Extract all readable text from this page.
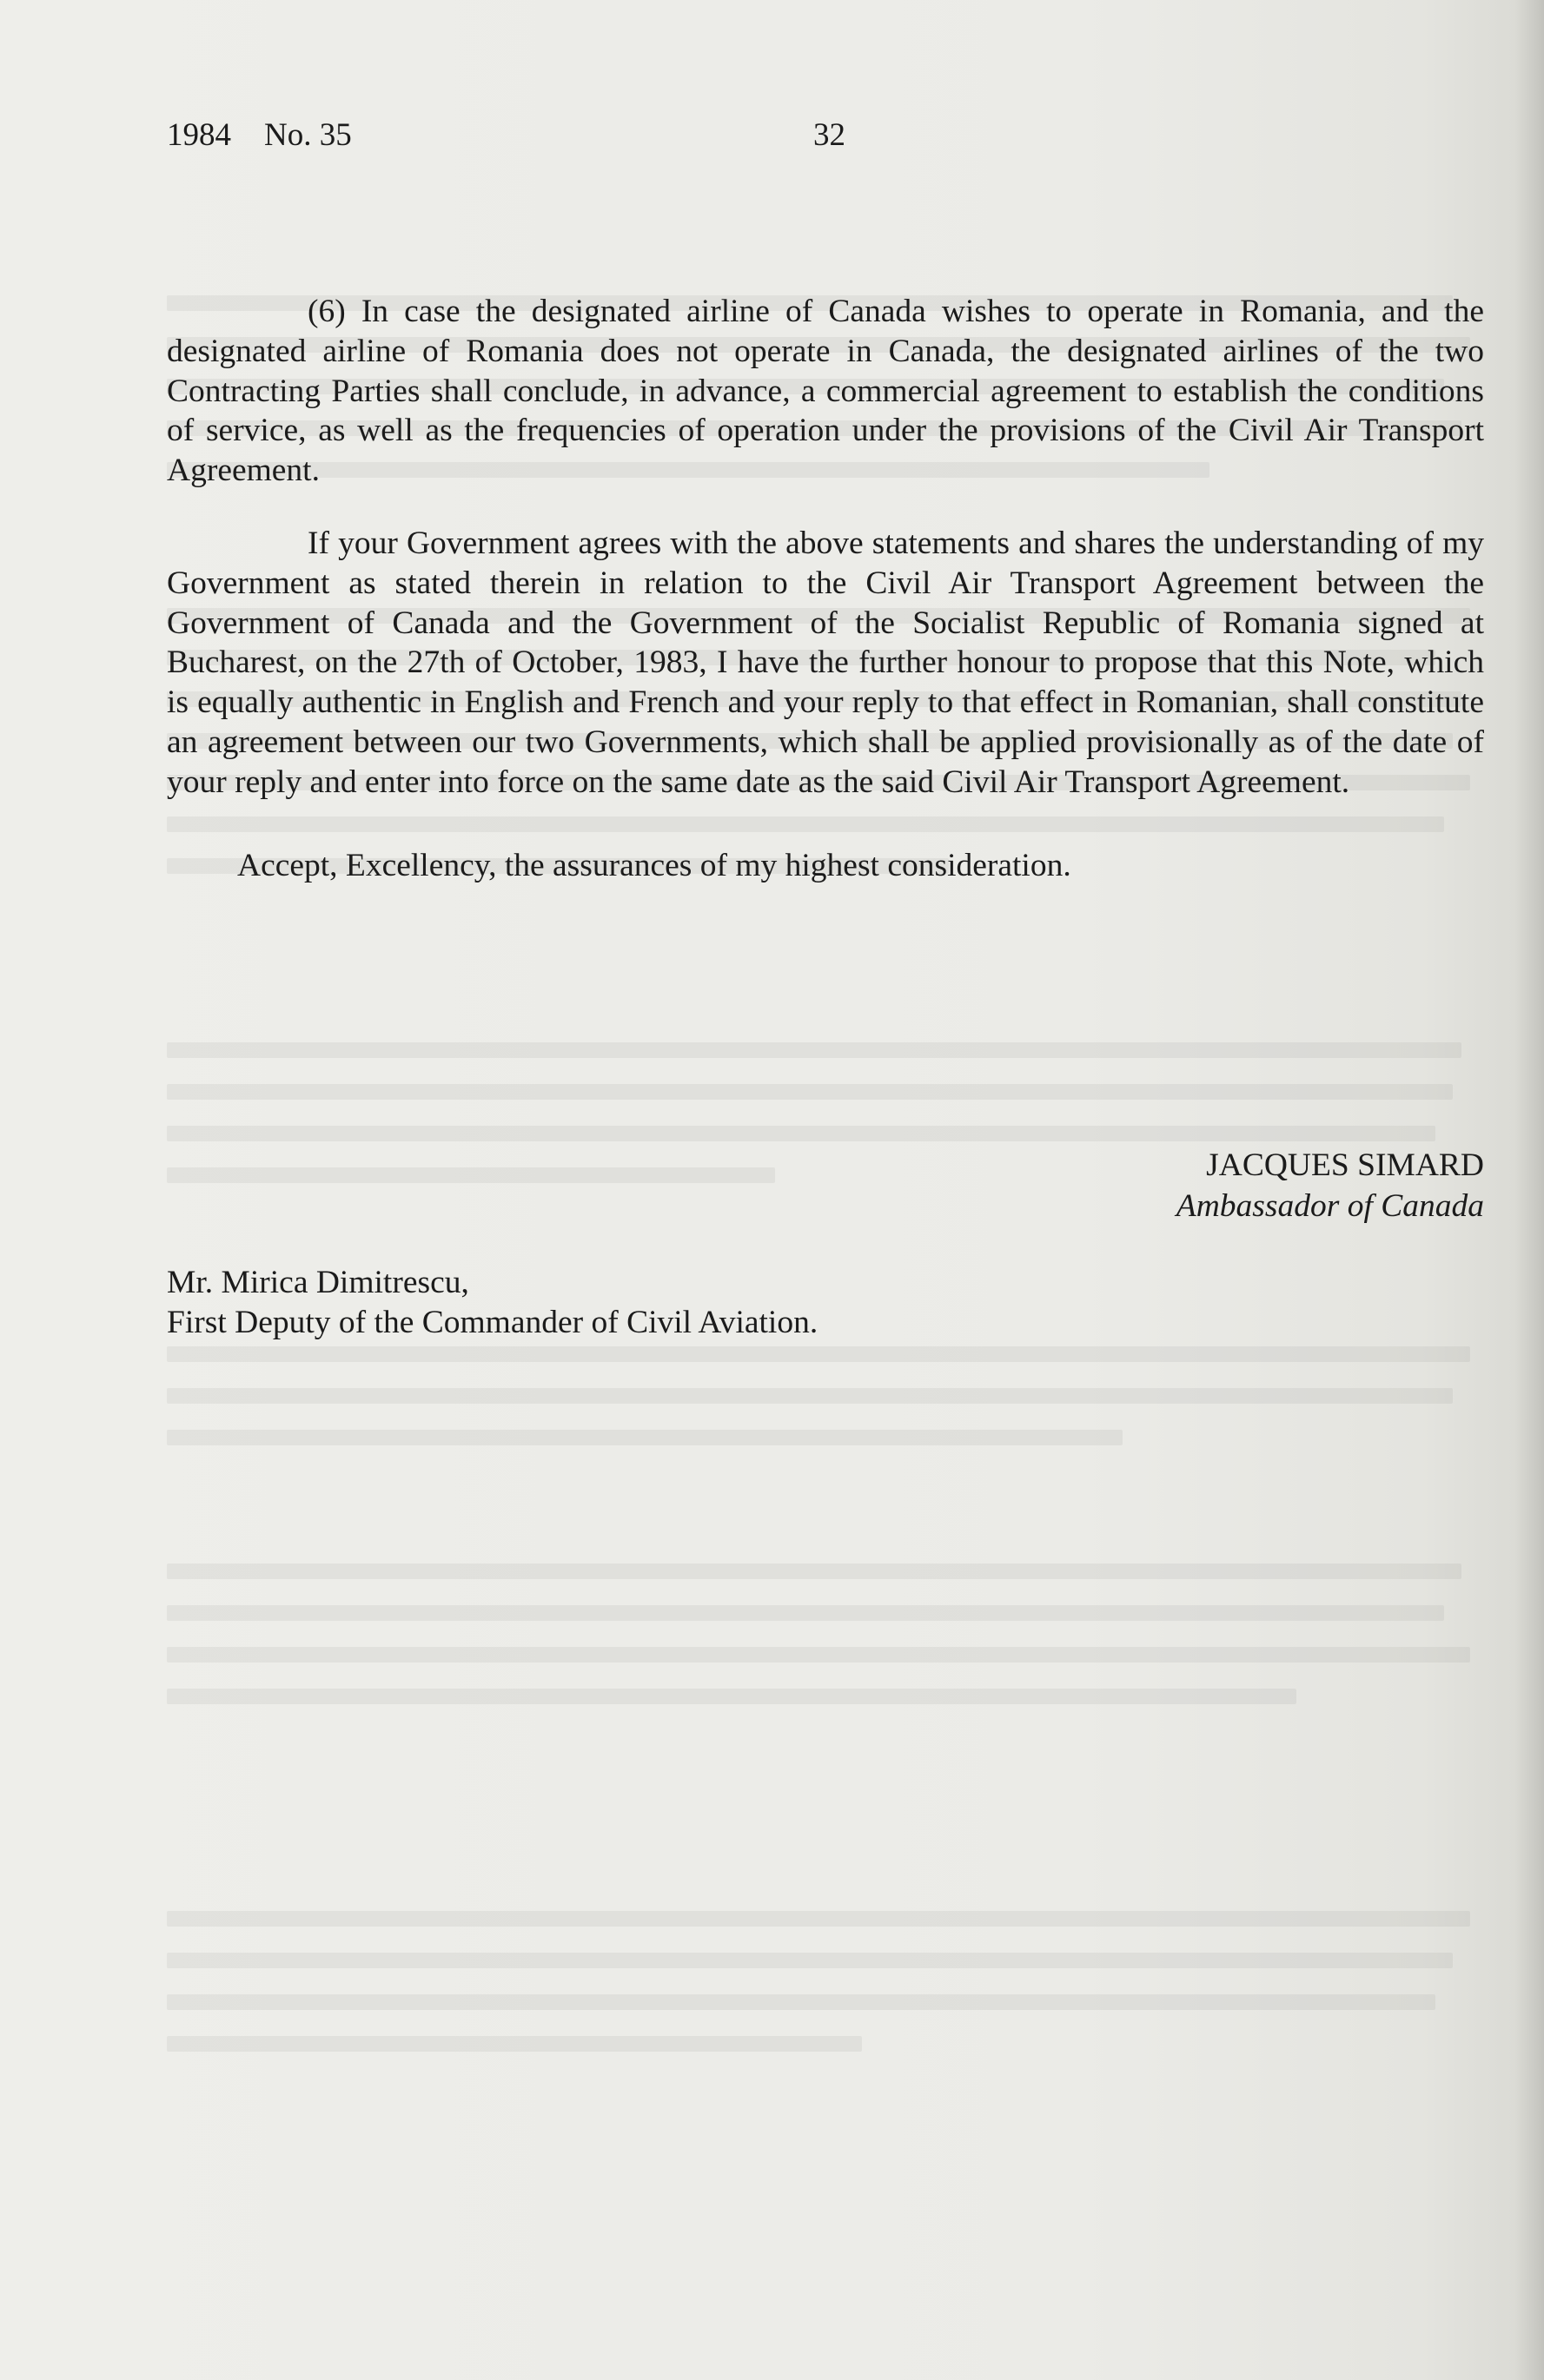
1984 No. 35	32

(6) In case the designated airline of Canada wishes to operate in Romania, and the designated airline of Romania does not operate in Canada, the designated airlines of the two Contracting Parties shall conclude, in advance, a commercial agreement to establish the conditions of service, as well as the frequencies of operation under the provisions of the Civil Air Transport Agreement.

If your Government agrees with the above statements and shares the understanding of my Government as stated therein in relation to the Civil Air Transport Agreement between the Government of Canada and the Government of the Socialist Republic of Romania signed at Bucharest, on the 27th of October, 1983, I have the further honour to propose that this Note, which is equally authentic in English and French and your reply to that effect in Romanian, shall constitute an agreement between our two Governments, which shall be applied provisionally as of the date of your reply and enter into force on the same date as the said Civil Air Transport Agreement.

Accept, Excellency, the assurances of my highest consideration.

JACQUES SIMARD
Ambassador of Canada
Mr. Mirica Dimitrescu,
First Deputy of the Commander of Civil Aviation.
